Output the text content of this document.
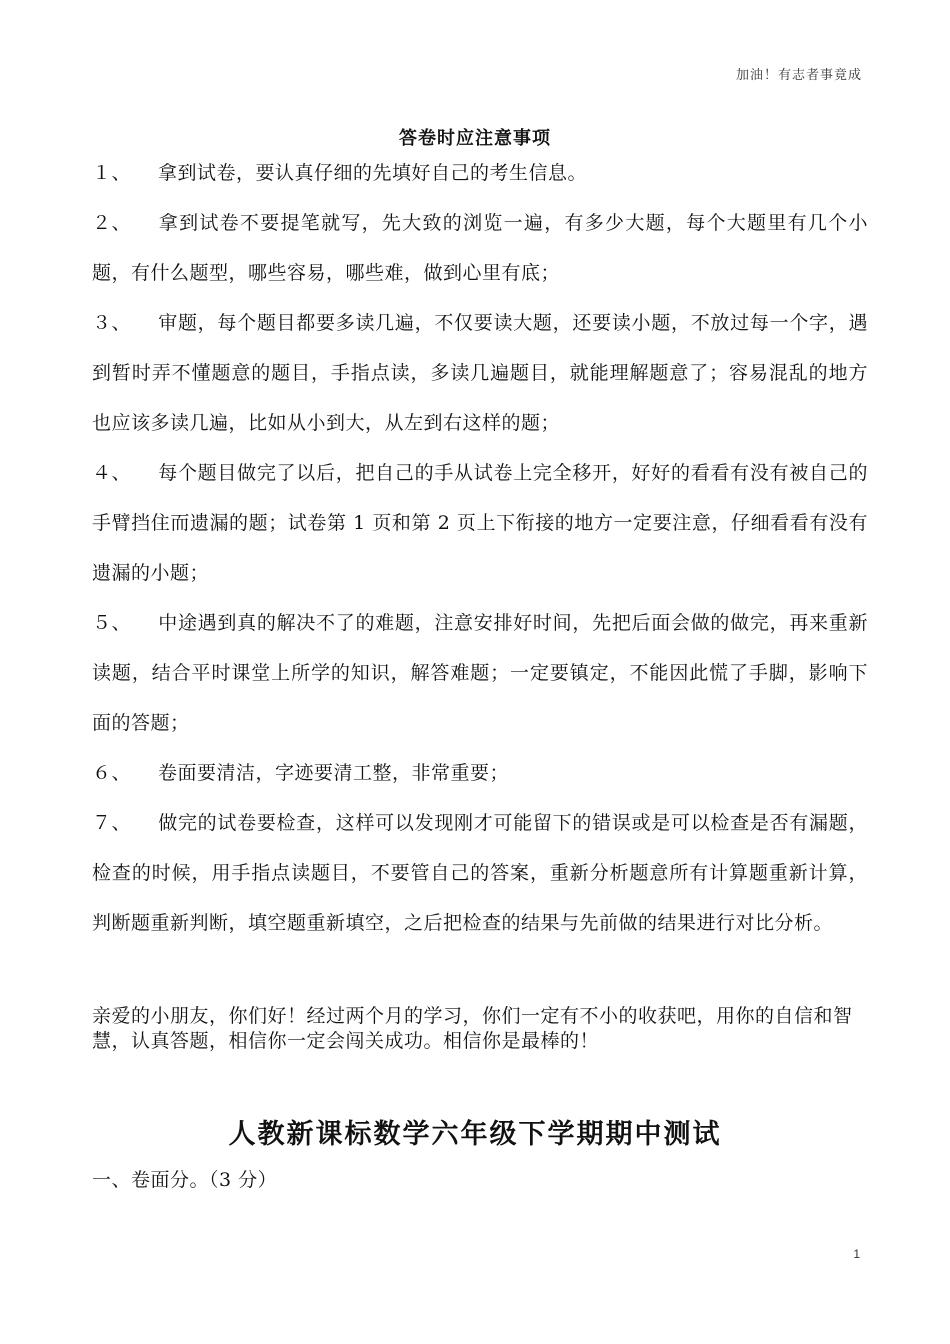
加油！有志者事竟成
答卷时应注意事项

１、 拿到试卷，要认真仔细的先填好自己的考生信息。

２、 拿到试卷不要提笔就写，先大致的浏览一遍，有多少大题，每个大题里有几个小题，有什么题型，哪些容易，哪些难，做到心里有底；

３、 审题，每个题目都要多读几遍，不仅要读大题，还要读小题，不放过每一个字，遇到暂时弄不懂题意的题目，手指点读，多读几遍题目，就能理解题意了；容易混乱的地方也应该多读几遍，比如从小到大，从左到右这样的题；

４、 每个题目做完了以后，把自己的手从试卷上完全移开，好好的看看有没有被自己的手臂挡住而遗漏的题；试卷第 1 页和第 2 页上下衔接的地方一定要注意，仔细看看有没有遗漏的小题；

５、 中途遇到真的解决不了的难题，注意安排好时间，先把后面会做的做完，再来重新读题，结合平时课堂上所学的知识，解答难题；一定要镇定，不能因此慌了手脚，影响下面的答题；

６、 卷面要清洁，字迹要清工整，非常重要；

７、 做完的试卷要检查，这样可以发现刚才可能留下的错误或是可以检查是否有漏题，检查的时候，用手指点读题目，不要管自己的答案，重新分析题意所有计算题重新计算，判断题重新判断，填空题重新填空，之后把检查的结果与先前做的结果进行对比分析。

亲爱的小朋友，你们好！经过两个月的学习，你们一定有不小的收获吧，用你的自信和智慧，认真答题，相信你一定会闯关成功。相信你是最棒的！
人教新课标数学六年级下学期期中测试
一、卷面分。（3 分）
1
